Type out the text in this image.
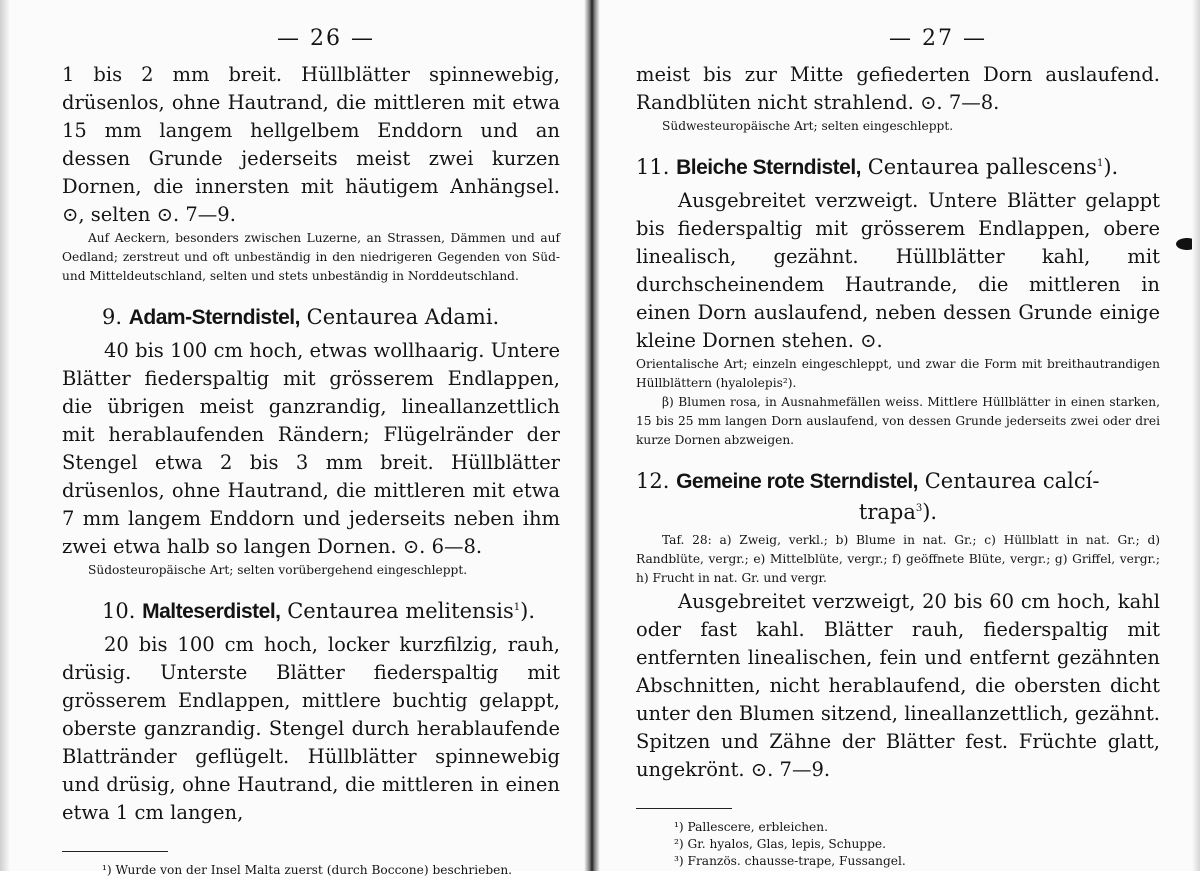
— 26 —

1 bis 2 mm breit. Hüllblätter spinnewebig, drüsenlos, ohne Hautrand, die mittleren mit etwa 15 mm langem hellgelbem Enddorn und an dessen Grunde jederseits meist zwei kurzen Dornen, die innersten mit häutigem Anhängsel. ⊙, selten ⊙. 7—9.

Auf Aeckern, besonders zwischen Luzerne, an Strassen, Dämmen und auf Oedland; zerstreut und oft unbeständig in den niedrigeren Gegenden von Süd- und Mitteldeutschland, selten und stets unbeständig in Norddeutschland.

9. Adam-Sterndistel, Centaurea Adami.

40 bis 100 cm hoch, etwas wollhaarig. Untere Blätter fiederspaltig mit grösserem Endlappen, die übrigen meist ganzrandig, lineallanzettlich mit herablaufenden Rändern; Flügelränder der Stengel etwa 2 bis 3 mm breit. Hüllblätter drüsenlos, ohne Hautrand, die mittleren mit etwa 7 mm langem Enddorn und jederseits neben ihm zwei etwa halb so langen Dornen. ⊙. 6—8.

Südosteuropäische Art; selten vorübergehend eingeschleppt.

10. Malteserdistel, Centaurea melitensis$^1$).

20 bis 100 cm hoch, locker kurzfilzig, rauh, drüsig. Unterste Blätter fiederspaltig mit grösserem Endlappen, mittlere buchtig gelappt, oberste ganzrandig. Stengel durch herablaufende Blattränder geflügelt. Hüllblätter spinnewebig und drüsig, ohne Hautrand, die mittleren in einen etwa 1 cm langen,

¹) Wurde von der Insel Malta zuerst (durch Boccone) beschrieben.

— 27 —

meist bis zur Mitte gefiederten Dorn auslaufend. Randblüten nicht strahlend. ⊙. 7—8.

Südwesteuropäische Art; selten eingeschleppt.

11. Bleiche Sterndistel, Centaurea pallescens$^1$).

Ausgebreitet verzweigt. Untere Blätter gelappt bis fiederspaltig mit grösserem Endlappen, obere linealisch, gezähnt. Hüllblätter kahl, mit durchscheinendem Hautrande, die mittleren in einen Dorn auslaufend, neben dessen Grunde einige kleine Dornen stehen. ⊙.

Orientalische Art; einzeln eingeschleppt, und zwar die Form mit breithautrandigen Hüllblättern (hyalolepis²).

β) Blumen rosa, in Ausnahmefällen weiss. Mittlere Hüllblätter in einen starken, 15 bis 25 mm langen Dorn auslaufend, von dessen Grunde jederseits zwei oder drei kurze Dornen abzweigen.

12. Gemeine rote Sterndistel, Centaurea calcí-
trapa$^3$).

Taf. 28: a) Zweig, verkl.; b) Blume in nat. Gr.; c) Hüllblatt in nat. Gr.; d) Randblüte, vergr.; e) Mittelblüte, vergr.; f) geöffnete Blüte, vergr.; g) Griffel, vergr.; h) Frucht in nat. Gr. und vergr.

Ausgebreitet verzweigt, 20 bis 60 cm hoch, kahl oder fast kahl. Blätter rauh, fiederspaltig mit entfernten linealischen, fein und entfernt gezähnten Abschnitten, nicht herablaufend, die obersten dicht unter den Blumen sitzend, lineallanzettlich, gezähnt. Spitzen und Zähne der Blätter fest. Früchte glatt, ungekrönt. ⊙. 7—9.

¹) Pallescere, erbleichen.

²) Gr. hyalos, Glas, lepis, Schuppe.

³) Französ. chausse-trape, Fussangel.
